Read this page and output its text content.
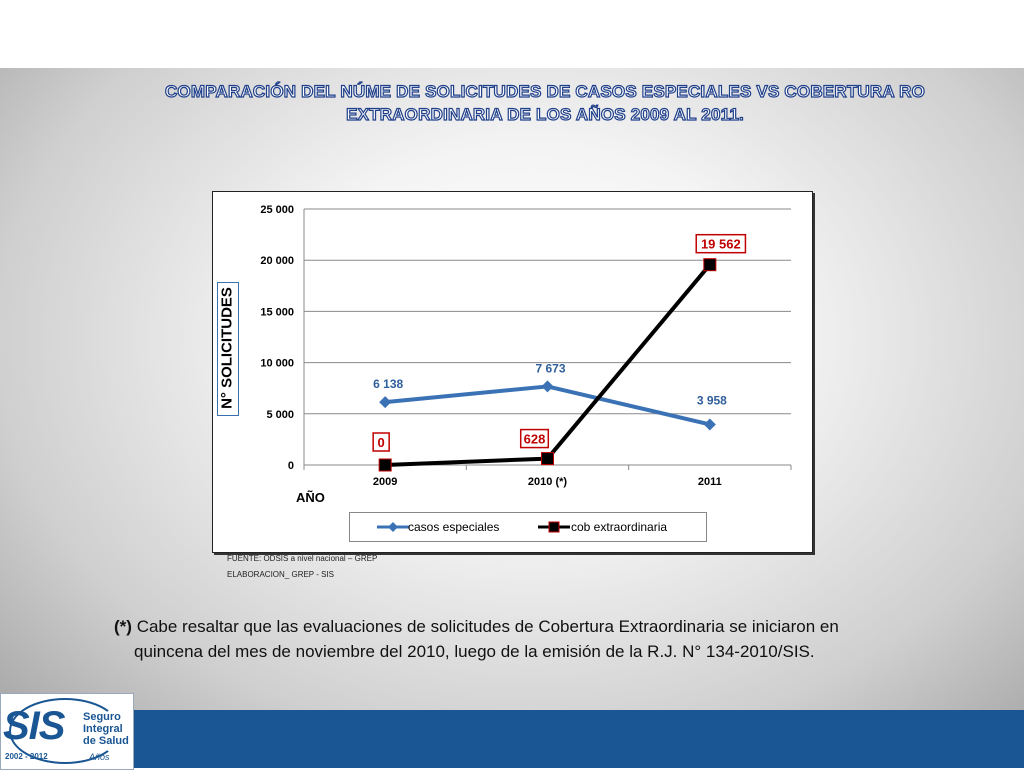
COMPARACIÓN DEL NÚME DE SOLICITUDES DE CASOS ESPECIALES VS COBERTURA RO
EXTRAORDINARIA DE LOS AÑOS 2009 AL 2011.
0
5 000
10 000
15 000
20 000
25 000
2009	2010 (*)	2011
6 138
7 673
3 958
0	628
19 562
N° SOLICITUDES
AÑO
casos especiales	cob extraordinaria
FUENTE: ODSIS a nivel nacional – GREP
ELABORACION_ GREP - SIS
(*) Cabe resaltar que las evaluaciones de solicitudes de Cobertura Extraordinaria se iniciaron en
quincena del mes de noviembre del 2010, luego de la emisión de la R.J. N° 134-2010/SIS.
SIS Seguro
Integral
de Salud
2002 - 2012	Años
